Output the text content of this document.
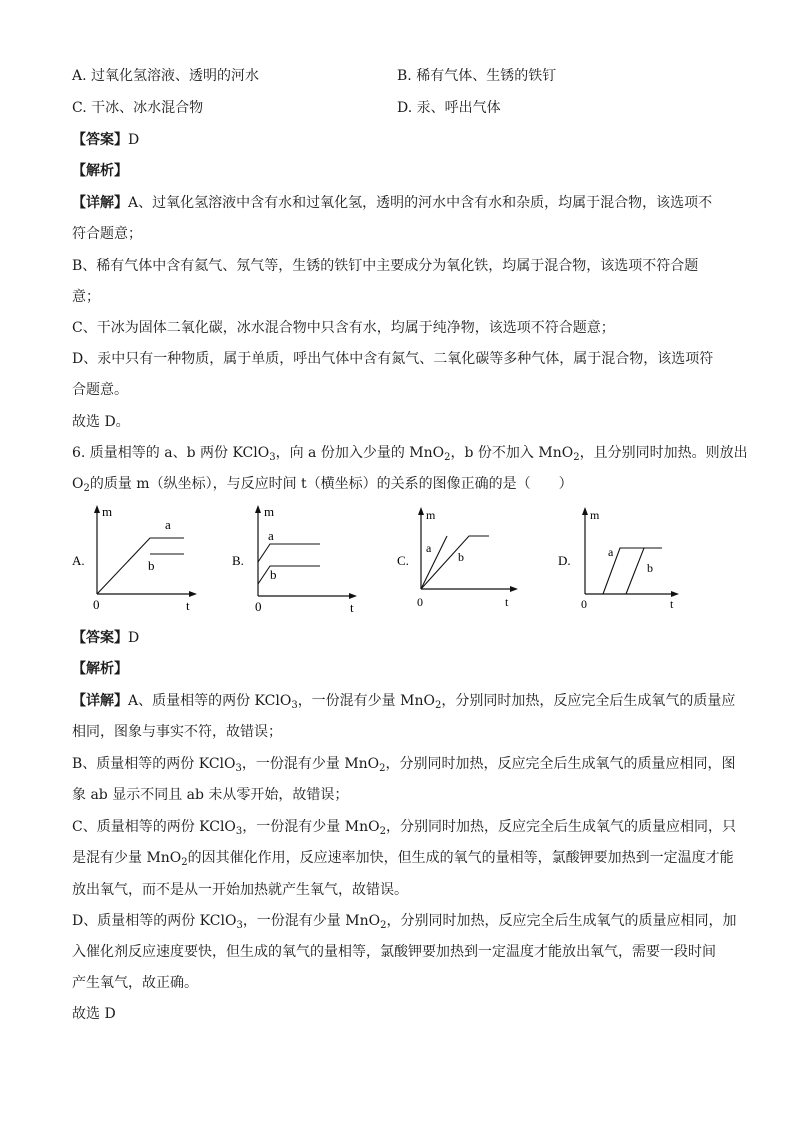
A. 过氧化氢溶液、透明的河水	B. 稀有气体、生锈的铁钉
C. 干冰、冰水混合物	D. 汞、呼出气体
【答案】D
【解析】
【详解】A、过氧化氢溶液中含有水和过氧化氢，透明的河水中含有水和杂质，均属于混合物，该选项不
符合题意；
B、稀有气体中含有氦气、氖气等，生锈的铁钉中主要成分为氧化铁，均属于混合物，该选项不符合题
意；
C、干冰为固体二氧化碳，冰水混合物中只含有水，均属于纯净物，该选项不符合题意；
D、汞中只有一种物质，属于单质，呼出气体中含有氮气、二氧化碳等多种气体，属于混合物，该选项符
合题意。
故选 D。
6. 质量相等的 a、b 两份 KClO$_3$，向 a 份加入少量的 MnO$_2$，b 份不加入 MnO$_2$，且分别同时加热。则放出
$O_2$的质量 m（纵坐标），与反应时间 t（横坐标）的关系的图像正确的是（　　）
A.
m
a
b
0	t
B.
m
a
b
0	t
C.
m
a
b
0	t
D.
m
a
b
0	t
【答案】D
【解析】
【详解】A、质量相等的两份 KClO$_3$，一份混有少量 MnO$_2$，分别同时加热，反应完全后生成氧气的质量应
相同，图象与事实不符，故错误；
B、质量相等的两份 KClO$_3$，一份混有少量 MnO$_2$，分别同时加热，反应完全后生成氧气的质量应相同，图
象 ab 显示不同且 ab 未从零开始，故错误；
C、质量相等的两份 KClO$_3$，一份混有少量 MnO$_2$，分别同时加热，反应完全后生成氧气的质量应相同，只
是混有少量 MnO$_2$的因其催化作用，反应速率加快，但生成的氧气的量相等，氯酸钾要加热到一定温度才能
放出氧气，而不是从一开始加热就产生氧气，故错误。
D、质量相等的两份 KClO$_3$，一份混有少量 MnO$_2$，分别同时加热，反应完全后生成氧气的质量应相同，加
入催化剂反应速度要快，但生成的氧气的量相等，氯酸钾要加热到一定温度才能放出氧气，需要一段时间
产生氧气，故正确。
故选 D
